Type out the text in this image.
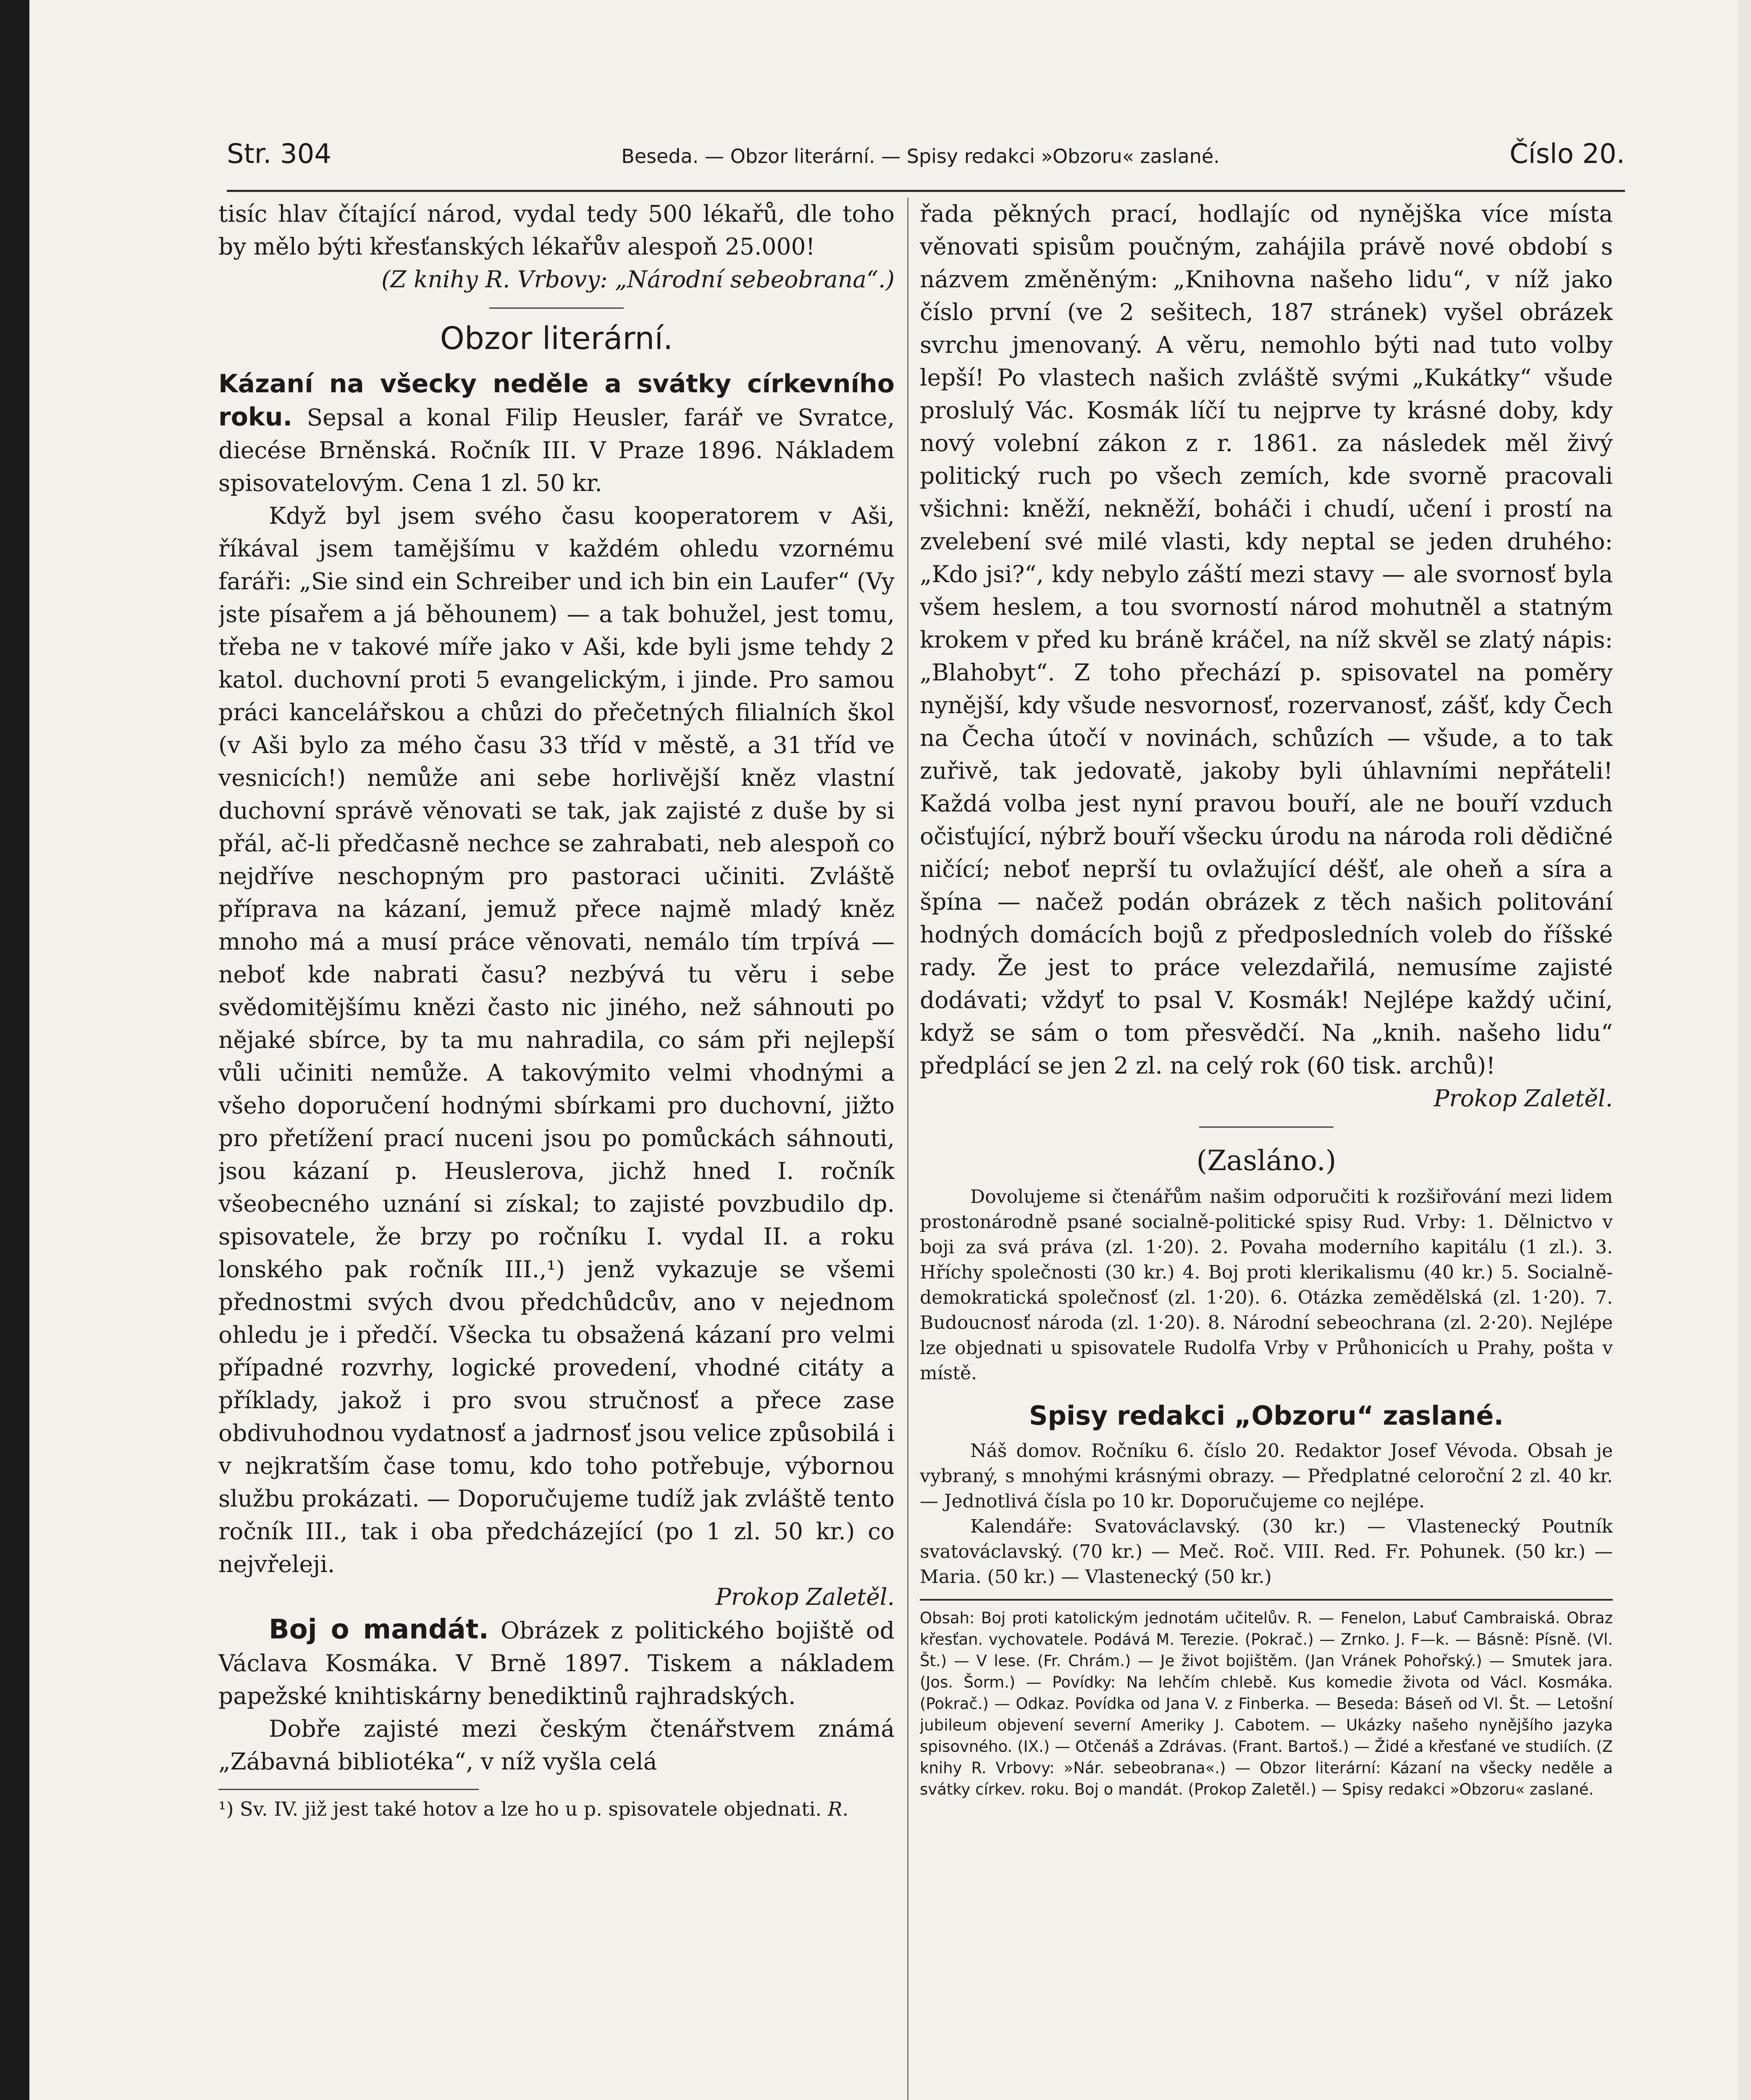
Str. 304	Beseda. — Obzor literární. — Spisy redakci »Obzoru« zaslané.	Číslo 20.

tisíc hlav čítající národ, vydal tedy 500 lékařů, dle toho by mělo býti křesťanských lékařův alespoň 25.000!

(Z knihy R. Vrbovy: „Národní sebeobrana“.)

Obzor literární.

Kázaní na všecky neděle a svátky církevního roku. Sepsal a konal Filip Heusler, farář ve Svratce, diecése Brněnská. Ročník III. V Praze 1896. Nákladem spisovatelovým. Cena 1 zl. 50 kr.

Když byl jsem svého času kooperatorem v Aši, říkával jsem tamějšímu v každém ohledu vzornému faráři: „Sie sind ein Schreiber und ich bin ein Laufer“ (Vy jste písařem a já běhounem) — a tak bohužel, jest tomu, třeba ne v takové míře jako v Aši, kde byli jsme tehdy 2 katol. duchovní proti 5 evangelickým, i jinde. Pro samou práci kancelářskou a chůzi do přečetných filialních škol (v Aši bylo za mého času 33 tříd v městě, a 31 tříd ve vesnicích!) nemůže ani sebe horlivější kněz vlastní duchovní správě věnovati se tak, jak zajisté z duše by si přál, ač-li předčasně nechce se zahrabati, neb alespoň co nejdříve neschopným pro pastoraci učiniti. Zvláště příprava na kázaní, jemuž přece najmě mladý kněz mnoho má a musí práce věnovati, nemálo tím trpívá — neboť kde nabrati času? nezbývá tu věru i sebe svědomitějšímu knězi často nic jiného, než sáhnouti po nějaké sbírce, by ta mu nahradila, co sám při nejlepší vůli učiniti nemůže. A takovýmito velmi vhodnými a všeho doporučení hodnými sbírkami pro duchovní, jižto pro přetížení prací nuceni jsou po pomůckách sáhnouti, jsou kázaní p. Heuslerova, jichž hned I. ročník všeobecného uznání si získal; to zajisté povzbudilo dp. spisovatele, že brzy po ročníku I. vydal II. a roku lonského pak ročník III.,¹) jenž vykazuje se všemi přednostmi svých dvou předchůdcův, ano v nejednom ohledu je i předčí. Všecka tu obsažená kázaní pro velmi případné rozvrhy, logické provedení, vhodné citáty a příklady, jakož i pro svou stručnosť a přece zase obdivuhodnou vydatnosť a jadrnosť jsou velice způsobilá i v nejkratším čase tomu, kdo toho potřebuje, výbornou službu prokázati. — Doporučujeme tudíž jak zvláště tento ročník III., tak i oba předcházející (po 1 zl. 50 kr.) co nejvřeleji.

Prokop Zaletěl.

Boj o mandát. Obrázek z politického bojiště od Václava Kosmáka. V Brně 1897. Tiskem a nákladem papežské knihtiskárny benediktinů rajhradských.

Dobře zajisté mezi českým čtenářstvem známá „Zábavná bibliotéka“, v níž vyšla celá

¹) Sv. IV. již jest také hotov a lze ho u p. spisovatele objednati. R.

řada pěkných prací, hodlajíc od nynějška více místa věnovati spisům poučným, zahájila právě nové období s názvem změněným: „Knihovna našeho lidu“, v níž jako číslo první (ve 2 sešitech, 187 stránek) vyšel obrázek svrchu jmenovaný. A věru, nemohlo býti nad tuto volby lepší! Po vlastech našich zvláště svými „Kukátky“ všude proslulý Vác. Kosmák líčí tu nejprve ty krásné doby, kdy nový volební zákon z r. 1861. za následek měl živý politický ruch po všech zemích, kde svorně pracovali všichni: kněží, nekněží, boháči i chudí, učení i prostí na zvelebení své milé vlasti, kdy neptal se jeden druhého: „Kdo jsi?“, kdy nebylo záští mezi stavy — ale svornosť byla všem heslem, a tou svorností národ mohutněl a statným krokem v před ku bráně kráčel, na níž skvěl se zlatý nápis: „Blahobyt“. Z toho přechází p. spisovatel na poměry nynější, kdy všude nesvornosť, rozervanosť, zášť, kdy Čech na Čecha útočí v novinách, schůzích — všude, a to tak zuřivě, tak jedovatě, jakoby byli úhlavními nepřáteli! Každá volba jest nyní pravou bouří, ale ne bouří vzduch očisťující, nýbrž bouří všecku úrodu na národa roli dědičné ničící; neboť neprší tu ovlažující déšť, ale oheň a síra a špína — načež podán obrázek z těch našich politování hodných domácích bojů z předposledních voleb do říšské rady. Že jest to práce velezdařilá, nemusíme zajisté dodávati; vždyť to psal V. Kosmák! Nejlépe každý učiní, když se sám o tom přesvědčí. Na „knih. našeho lidu“ předplácí se jen 2 zl. na celý rok (60 tisk. archů)!

Prokop Zaletěl.

(Zasláno.)

Dovolujeme si čtenářům našim odporučiti k rozšiřování mezi lidem prostonárodně psané socialně-politické spisy Rud. Vrby: 1. Dělnictvo v boji za svá práva (zl. 1·20). 2. Povaha moderního kapitálu (1 zl.). 3. Hříchy společnosti (30 kr.) 4. Boj proti klerikalismu (40 kr.) 5. Socialně-demokratická společnosť (zl. 1·20). 6. Otázka zemědělská (zl. 1·20). 7. Budoucnosť národa (zl. 1·20). 8. Národní sebeochrana (zl. 2·20). Nejlépe lze objednati u spisovatele Rudolfa Vrby v Průhonicích u Prahy, pošta v místě.

Spisy redakci „Obzoru“ zaslané.

Náš domov. Ročníku 6. číslo 20. Redaktor Josef Vévoda. Obsah je vybraný, s mnohými krásnými obrazy. — Předplatné celoroční 2 zl. 40 kr. — Jednotlivá čísla po 10 kr. Doporučujeme co nejlépe.

Kalendáře: Svatováclavský. (30 kr.) — Vlastenecký Poutník svatováclavský. (70 kr.) — Meč. Roč. VIII. Red. Fr. Pohunek. (50 kr.) — Maria. (50 kr.) — Vlastenecký (50 kr.)

Obsah: Boj proti katolickým jednotám učitelův. R. — Fenelon, Labuť Cambraiská. Obraz křesťan. vychovatele. Podává M. Terezie. (Pokrač.) — Zrnko. J. F—k. — Básně: Písně. (Vl. Št.) — V lese. (Fr. Chrám.) — Je život bojištěm. (Jan Vránek Pohořský.) — Smutek jara. (Jos. Šorm.) — Povídky: Na lehčím chlebě. Kus komedie života od Václ. Kosmáka. (Pokrač.) — Odkaz. Povídka od Jana V. z Finberka. — Beseda: Báseň od Vl. Št. — Letošní jubileum objevení severní Ameriky J. Cabotem. — Ukázky našeho nynějšího jazyka spisovného. (IX.) — Otčenáš a Zdrávas. (Frant. Bartoš.) — Židé a křesťané ve studiích. (Z knihy R. Vrbovy: »Nár. sebeobrana«.) — Obzor literární: Kázaní na všecky neděle a svátky církev. roku. Boj o mandát. (Prokop Zaletěl.) — Spisy redakci »Obzoru« zaslané.
